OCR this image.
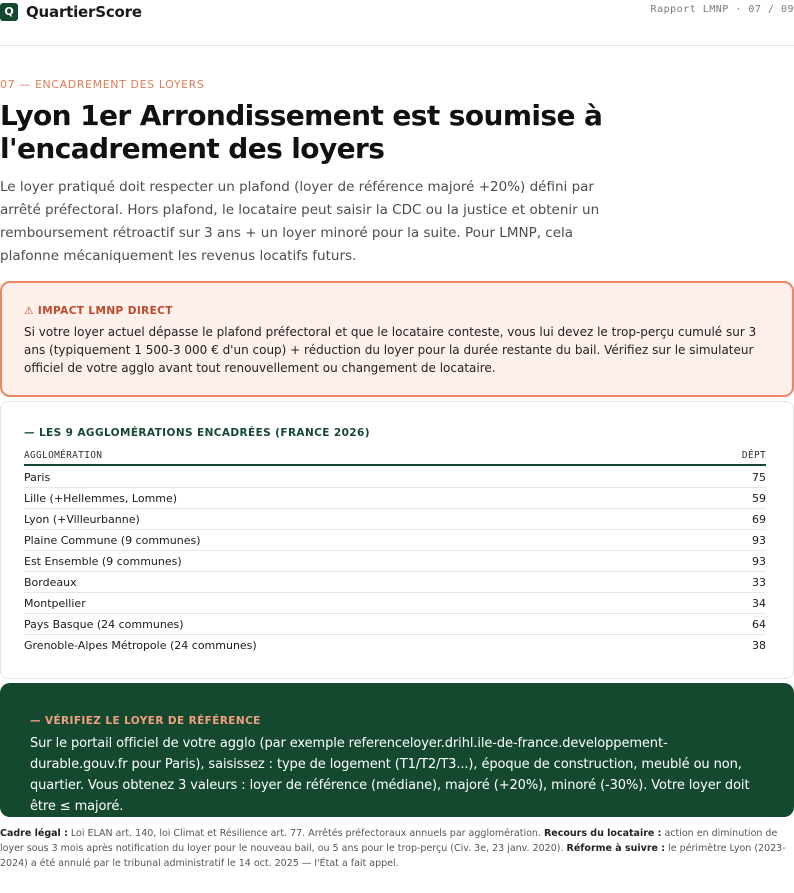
Q QuartierScore	Rapport LMNP · 07 / 09
07 — ENCADREMENT DES LOYERS
Lyon 1er Arrondissement est soumise à l'encadrement des loyers

Le loyer pratiqué doit respecter un plafond (loyer de référence majoré +20%) défini par arrêté préfectoral. Hors plafond, le locataire peut saisir la CDC ou la justice et obtenir un remboursement rétroactif sur 3 ans + un loyer minoré pour la suite. Pour LMNP, cela plafonne mécaniquement les revenus locatifs futurs.

⚠ IMPACT LMNP DIRECT
Si votre loyer actuel dépasse le plafond préfectoral et que le locataire conteste, vous lui devez le trop-perçu cumulé sur 3 ans (typiquement 1 500-3 000 € d'un coup) + réduction du loyer pour la durée restante du bail. Vérifiez sur le simulateur officiel de votre agglo avant tout renouvellement ou changement de locataire.
— LES 9 AGGLOMÉRATIONS ENCADRÉES (FRANCE 2026)
AGGLOMÉRATION	DÉPT
Paris	75
Lille (+Hellemmes, Lomme)	59
Lyon (+Villeurbanne)	69
Plaine Commune (9 communes)	93
Est Ensemble (9 communes)	93
Bordeaux	33
Montpellier	34
Pays Basque (24 communes)	64
Grenoble-Alpes Métropole (24 communes)	38
— VÉRIFIEZ LE LOYER DE RÉFÉRENCE
Sur le portail officiel de votre agglo (par exemple referenceloyer.drihl.ile-de-france.developpement-durable.gouv.fr pour Paris), saisissez : type de logement (T1/T2/T3...), époque de construction, meublé ou non, quartier. Vous obtenez 3 valeurs : loyer de référence (médiane), majoré (+20%), minoré (-30%). Votre loyer doit être ≤ majoré.
Cadre légal : Loi ELAN art. 140, loi Climat et Résilience art. 77. Arrêtés préfectoraux annuels par agglomération. Recours du locataire : action en diminution de loyer sous 3 mois après notification du loyer pour le nouveau bail, ou 5 ans pour le trop-perçu (Civ. 3e, 23 janv. 2020). Réforme à suivre : le périmètre Lyon (2023- 2024) a été annulé par le tribunal administratif le 14 oct. 2025 — l'État a fait appel.
